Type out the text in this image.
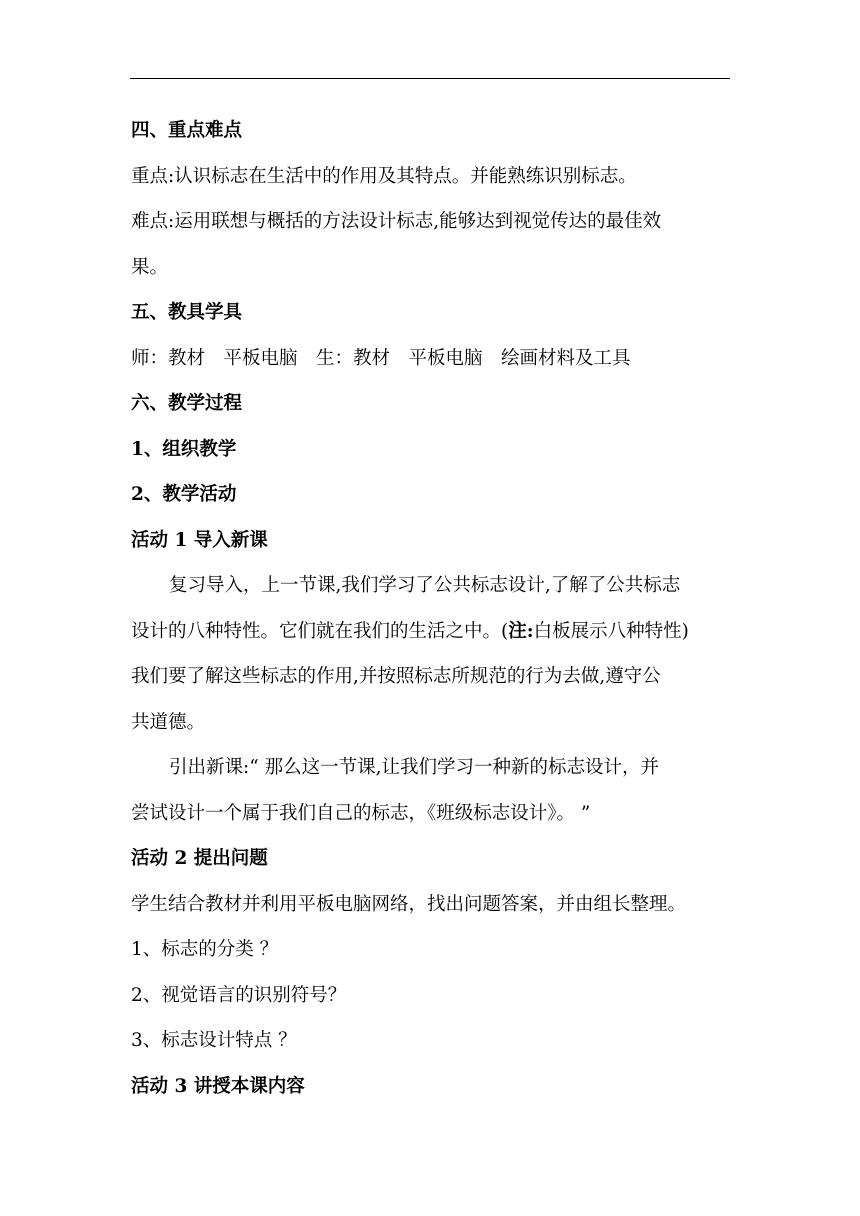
四、重点难点
重点:认识标志在生活中的作用及其特点。并能熟练识别标志。
难点:运用联想与概括的方法设计标志,能够达到视觉传达的最佳效
果。
五、教具学具
师：教材　平板电脑　生：教材　平板电脑　绘画材料及工具
六、教学过程
1、组织教学
2、教学活动
活动 1 导入新课
复习导入，上一节课,我们学习了公共标志设计,了解了公共标志
设计的八种特性。它们就在我们的生活之中。(注:白板展示八种特性)
我们要了解这些标志的作用,并按照标志所规范的行为去做,遵守公
共道德。
引出新课:“ 那么这一节课,让我们学习一种新的标志设计，并
尝试设计一个属于我们自己的标志，《班级标志设计》。 ”
活动 2 提出问题
学生结合教材并利用平板电脑网络，找出问题答案，并由组长整理。
1、标志的分类 ？
2、视觉语言的识别符号？
3、标志设计特点 ？
活动 3 讲授本课内容
